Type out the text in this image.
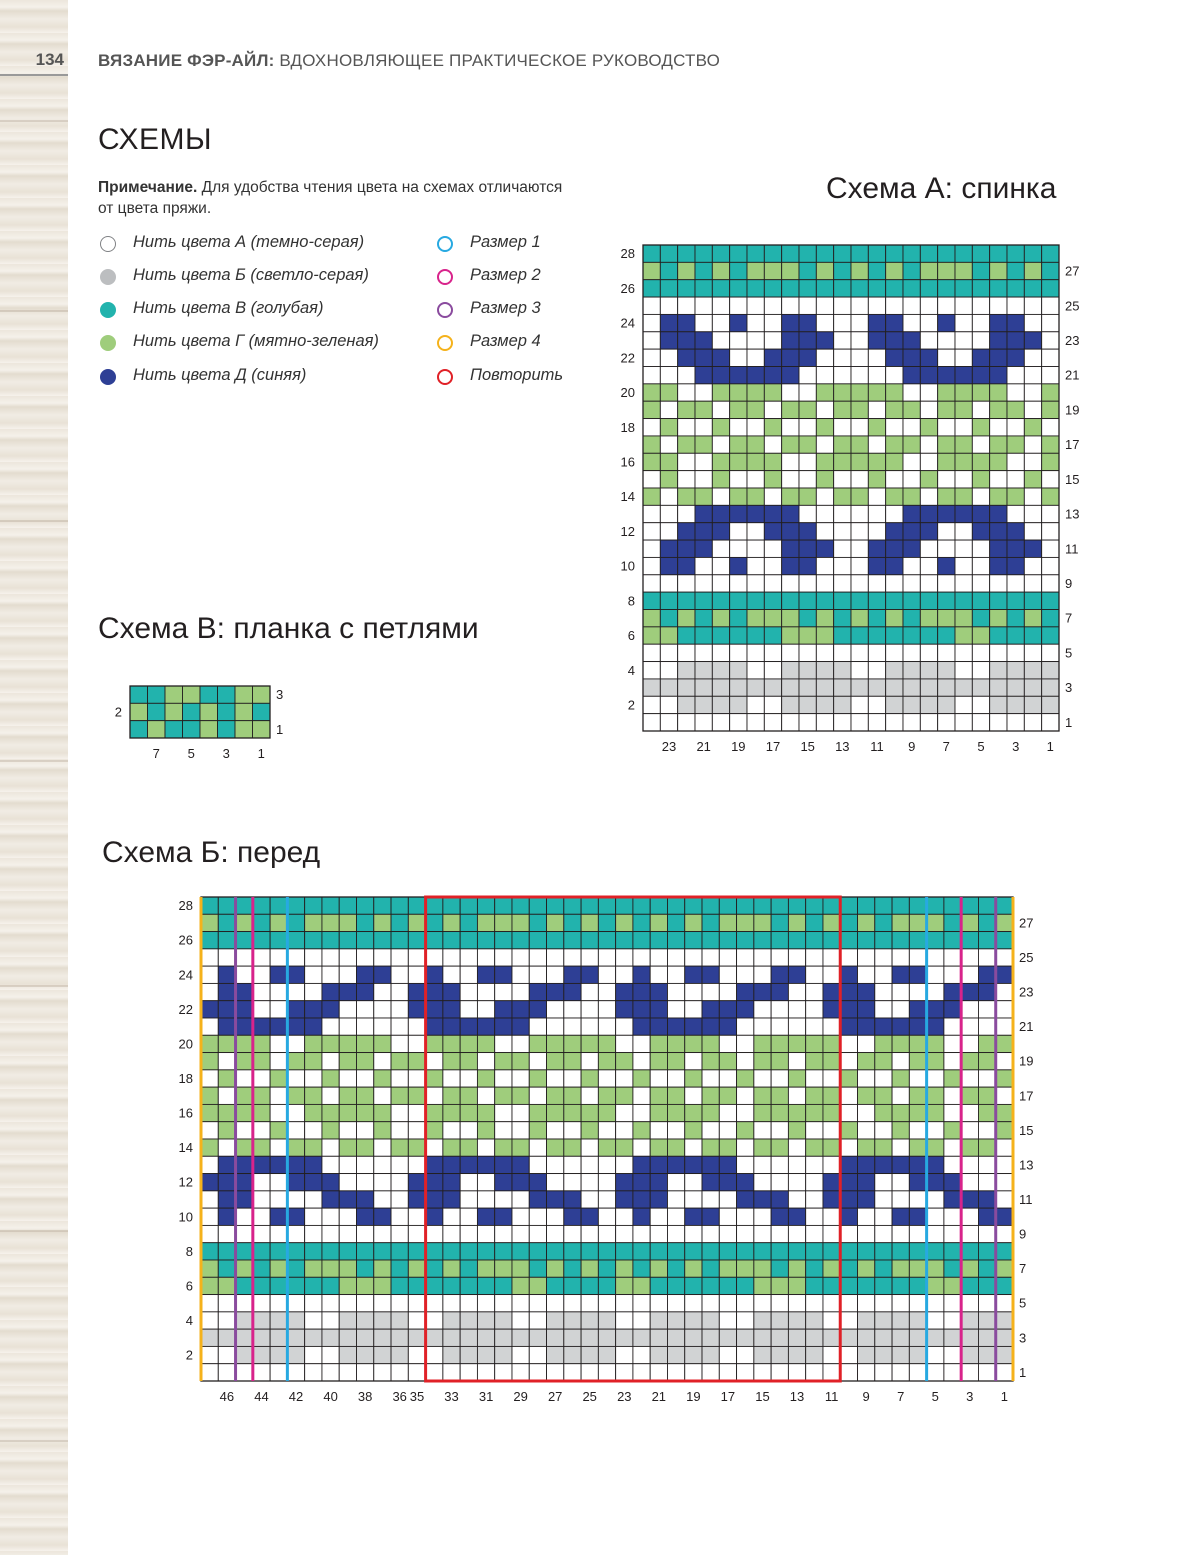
134 ВЯЗАНИЕ ФЭР-АЙЛ: ВДОХНОВЛЯЮЩЕЕ ПРАКТИЧЕСКОЕ РУКОВОДСТВО
СХЕМЫ
Примечание. Для удобства чтения цвета на схемах отличаются от цвета пряжи.
Нить цвета А (темно-серая)
Нить цвета Б (светло-серая)
Нить цвета В (голубая)
Нить цвета Г (мятно-зеленая)
Нить цвета Д (синяя)
Размер 1
Размер 2
Размер 3
Размер 4
Повторить
Схема А: спинка
Схема В: планка с петлями
Схема Б: перед
23 21 19 17 15 13 11 9 7 5 3 1
2
4
6
8
10
12
14
16
18
20
22
24
26
28
1
3
5
7
9
11
13
15
17
19
21
23
25
27
7 5 3 1
2
1
3
46 44 42 40 38 36 35 33 31 29 27 25 23 21 19 17 15 13 11 9 7 5 3 1
2
4
6
8
10
12
14
16
18
20
22
24
26
28
1
3
5
7
9
11
13
15
17
19
21
23
25
27
